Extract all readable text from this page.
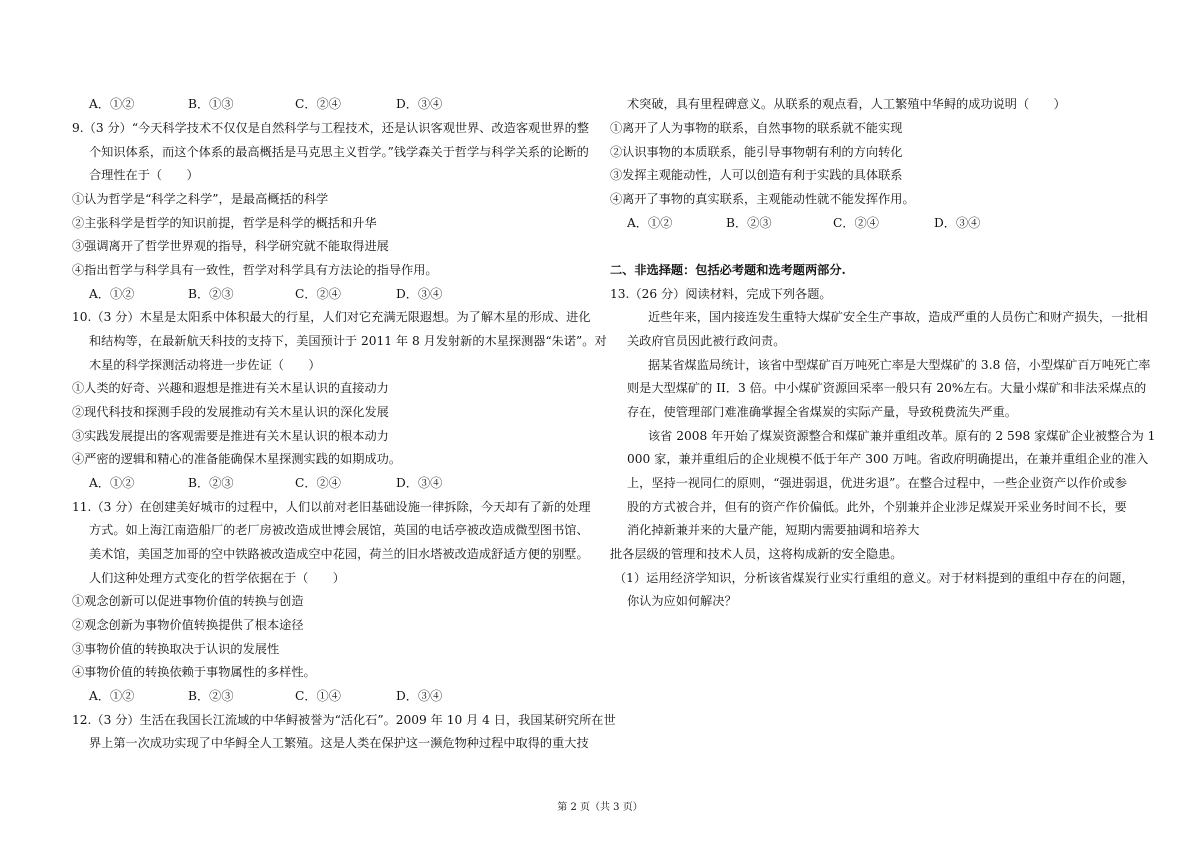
A．①②	B．①③	C．②④	D．③④
9.（3 分）“今天科学技术不仅仅是自然科学与工程技术，还是认识客观世界、改造客观世界的整
个知识体系，而这个体系的最高概括是马克思主义哲学。”钱学森关于哲学与科学关系的论断的
合理性在于（　　）
①认为哲学是“科学之科学”，是最高概括的科学
②主张科学是哲学的知识前提，哲学是科学的概括和升华
③强调离开了哲学世界观的指导，科学研究就不能取得进展
④指出哲学与科学具有一致性，哲学对科学具有方法论的指导作用。
A．①②	B．②③	C．②④	D．③④
10.（3 分）木星是太阳系中体积最大的行星，人们对它充满无限遐想。为了解木星的形成、进化
和结构等，在最新航天科技的支持下，美国预计于 2011 年 8 月发射新的木星探测器“朱诺”。对
木星的科学探测活动将进一步佐证（　　）
①人类的好奇、兴趣和遐想是推进有关木星认识的直接动力
②现代科技和探测手段的发展推动有关木星认识的深化发展
③实践发展提出的客观需要是推进有关木星认识的根本动力
④严密的逻辑和精心的准备能确保木星探测实践的如期成功。
A．①②	B．②③	C．②④	D．③④
11.（3 分）在创建美好城市的过程中，人们以前对老旧基础设施一律拆除，今天却有了新的处理
方式。如上海江南造船厂的老厂房被改造成世博会展馆，英国的电话亭被改造成微型图书馆、
美术馆，美国芝加哥的空中铁路被改造成空中花园，荷兰的旧水塔被改造成舒适方便的别墅。
人们这种处理方式变化的哲学依据在于（　　）
①观念创新可以促进事物价值的转换与创造
②观念创新为事物价值转换提供了根本途径
③事物价值的转换取决于认识的发展性
④事物价值的转换依赖于事物属性的多样性。
A．①②	B．②③	C．①④	D．③④
12.（3 分）生活在我国长江流域的中华鲟被誉为“活化石”。2009 年 10 月 4 日，我国某研究所在世
界上第一次成功实现了中华鲟全人工繁殖。这是人类在保护这一濒危物种过程中取得的重大技
术突破，具有里程碑意义。从联系的观点看，人工繁殖中华鲟的成功说明（　　）
①离开了人为事物的联系，自然事物的联系就不能实现
②认识事物的本质联系，能引导事物朝有利的方向转化
③发挥主观能动性，人可以创造有利于实践的具体联系
④离开了事物的真实联系，主观能动性就不能发挥作用。
A．①②	B．②③	C．②④	D．③④
二、非选择题：包括必考题和选考题两部分.
13.（26 分）阅读材料，完成下列各题。
近些年来，国内接连发生重特大煤矿安全生产事故，造成严重的人员伤亡和财产损失，一批相
关政府官员因此被行政问责。
据某省煤监局统计，该省中型煤矿百万吨死亡率是大型煤矿的 3.8 倍，小型煤矿百万吨死亡率
则是大型煤矿的 II．3 倍。中小煤矿资源回采率一般只有 20%左右。大量小煤矿和非法采煤点的
存在，使管理部门难准确掌握全省煤炭的实际产量，导致税费流失严重。
该省 2008 年开始了煤炭资源整合和煤矿兼并重组改革。原有的 2 598 家煤矿企业被整合为 1
000 家，兼并重组后的企业规模不低于年产 300 万吨。省政府明确提出，在兼并重组企业的准入
上，坚持一视同仁的原则，“强进弱退，优进劣退”。在整合过程中，一些企业资产以作价或参
股的方式被合并，但有的资产作价偏低。此外，个别兼并企业涉足煤炭开采业务时间不长，要
消化掉新兼并来的大量产能，短期内需要抽调和培养大
批各层级的管理和技术人员，这将构成新的安全隐患。
（1）运用经济学知识，分析该省煤炭行业实行重组的意义。对于材料提到的重组中存在的问题，
你认为应如何解决？
第 2 页（共 3 页）
